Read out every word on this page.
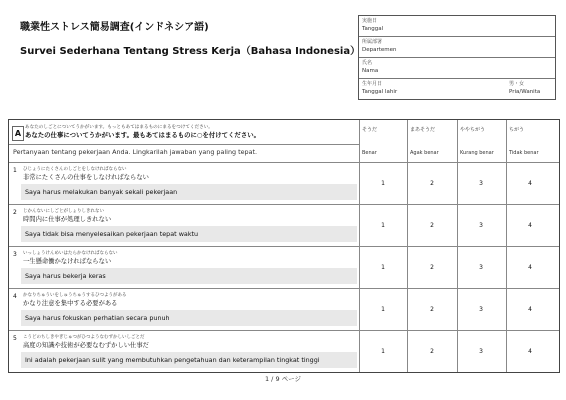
職業性ストレス簡易調査(インドネシア語)
Survei Sederhana Tentang Stress Kerja（Bahasa Indonesia）
実施日
Tanggal
所属部署
Departemen
氏名
Nama
生年月日
Tanggal lahir
男・女
Pria/Wanita
A
あなたのしごとについてうかがいます。もっともあてはまるものにまるをつけてください。
あなたの仕事についてうかがいます。最もあてはまるものに○を付けてください。
Pertanyaan tentang pekerjaan Anda. Lingkarilah jawaban yang paling tepat.
そうだ
Benar
まあそうだ
Agak benar
ややちがう
Kurang benar
ちがう
Tidak benar
1 ひじょうにたくさんのしごとをしなければならない
非常にたくさんの仕事をしなければならない
Saya harus melakukan banyak sekali pekerjaan
1	2	3	4
2 じかんないにしごとがしょりしきれない
時間内に仕事が処理しきれない
Saya tidak bisa menyelesaikan pekerjaan tepat waktu
1	2	3	4
3 いっしょうけんめいはたらかなければならない
一生懸命働かなければならない
Saya harus bekerja keras
1	2	3	4
4 かなりちゅういをしゅうちゅうするひつようがある
かなり注意を集中する必要がある
Saya harus fokuskan perhatian secara punuh
1	2	3	4
5 こうどのちしきやぎじゅつがひつようなむずかしいしごとだ
高度の知識や技術が必要なむずかしい仕事だ
Ini adalah pekerjaan sulit yang membutuhkan pengetahuan dan keterampilan tingkat tinggi
1	2	3	4
1 / 9 ページ
